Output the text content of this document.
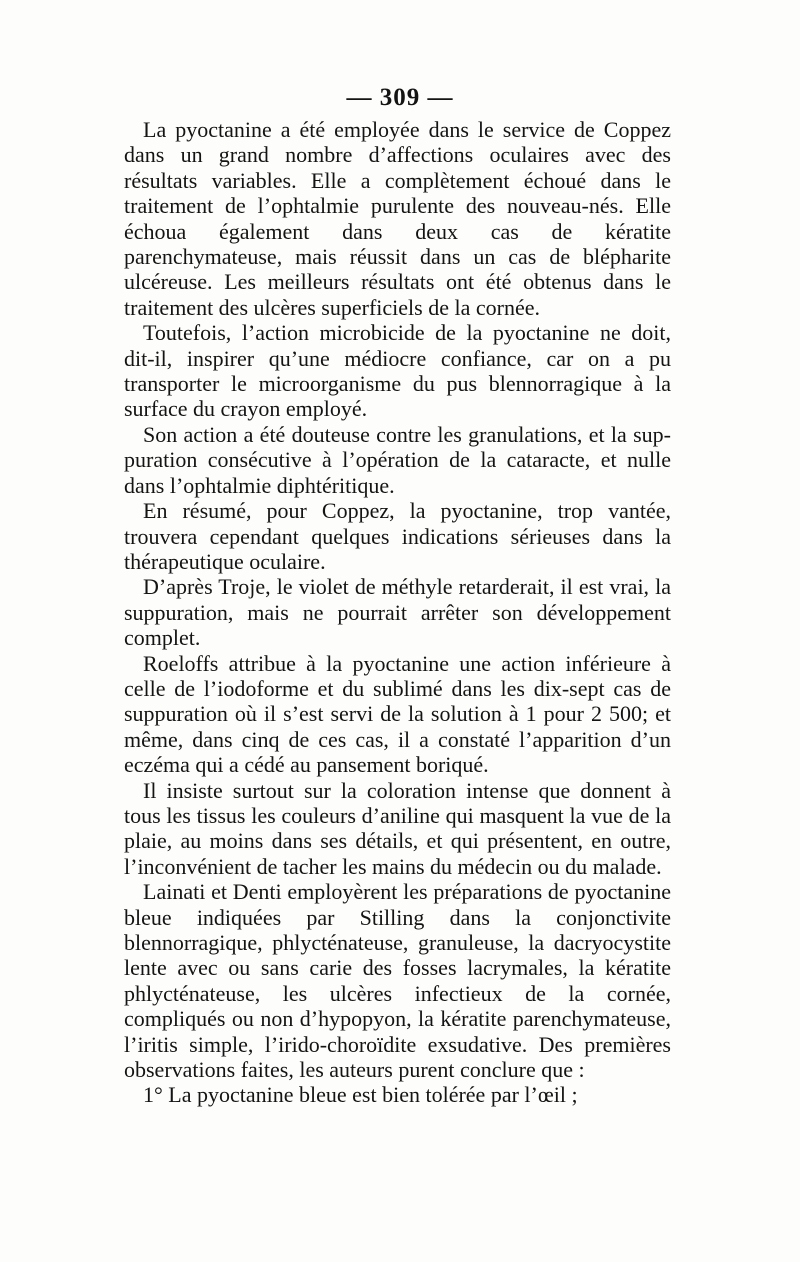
— 309 —

La pyoctanine a été employée dans le service de Coppez dans un grand nombre d’affections oculaires avec des résultats variables. Elle a complètement échoué dans le traitement de l’ophtalmie purulente des nouveau-nés. Elle échoua également dans deux cas de kératite parenchymateuse, mais réussit dans un cas de blépharite ulcéreuse. Les meilleurs résultats ont été obtenus dans le traitement des ulcères superficiels de la cornée.

Toutefois, l’action microbicide de la pyoctanine ne doit, dit-il, inspirer qu’une médiocre confiance, car on a pu transporter le microorganisme du pus blennorragique à la surface du crayon employé.

Son action a été douteuse contre les granulations, et la suppuration consécutive à l’opération de la cataracte, et nulle dans l’ophtalmie diphtéritique.

En résumé, pour Coppez, la pyoctanine, trop vantée, trouvera cependant quelques indications sérieuses dans la thérapeutique oculaire.

D’après Troje, le violet de méthyle retarderait, il est vrai, la suppuration, mais ne pourrait arrêter son développement complet.

Roeloffs attribue à la pyoctanine une action inférieure à celle de l’iodoforme et du sublimé dans les dix-sept cas de suppuration où il s’est servi de la solution à 1 pour 2 500; et même, dans cinq de ces cas, il a constaté l’apparition d’un eczéma qui a cédé au pansement boriqué.

Il insiste surtout sur la coloration intense que donnent à tous les tissus les couleurs d’aniline qui masquent la vue de la plaie, au moins dans ses détails, et qui présentent, en outre, l’inconvénient de tacher les mains du médecin ou du malade.

Lainati et Denti employèrent les préparations de pyoctanine bleue indiquées par Stilling dans la conjonctivite blennorragique, phlycténateuse, granuleuse, la dacryocystite lente avec ou sans carie des fosses lacrymales, la kératite phlycténateuse, les ulcères infectieux de la cornée, compliqués ou non d’hypopyon, la kératite parenchymateuse, l’iritis simple, l’irido-choroïdite exsudative. Des premières observations faites, les auteurs purent conclure que :

1° La pyoctanine bleue est bien tolérée par l’œil ;
